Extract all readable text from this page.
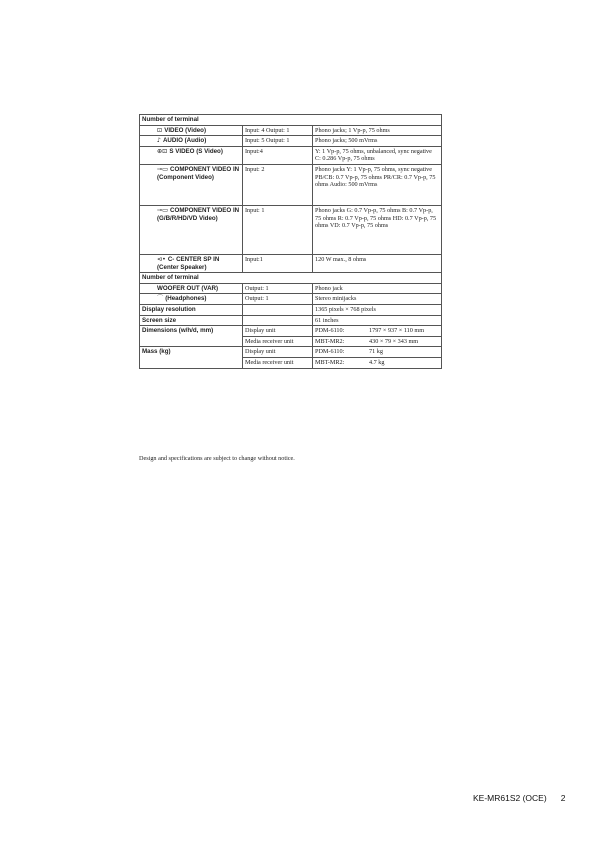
Number of terminal			
⊡ VIDEO (Video)	Input: 4 Output: 1	Phono jacks; 1 Vp-p, 75 ohms	
♪ AUDIO (Audio)	Input: 5 Output: 1	Phono jacks; 500 mVrms	
⊕⊡ S VIDEO (S Video)	Input:4	Y: 1 Vp-p, 75 ohms, unbalanced, sync negative C: 0.286 Vp-p, 75 ohms	
⊸▭ COMPONENT VIDEO IN (Component Video)	Input: 2	Phono jacks Y: 1 Vp-p, 75 ohms, sync negative PB/CB: 0.7 Vp-p, 75 ohms PR/CR: 0.7 Vp-p, 75 ohms Audio: 500 mVrms	
⊸▭ COMPONENT VIDEO IN (G/B/R/HD/VD Video)	Input: 1	Phono jacks G: 0.7 Vp-p, 75 ohms B: 0.7 Vp-p, 75 ohms R: 0.7 Vp-p, 75 ohms HD: 0.7 Vp-p, 75 ohms VD: 0.7 Vp-p, 75 ohms	
⊲• C- CENTER SP IN (Center Speaker)	Input:1	120 W max., 8 ohms	
Number of terminal			
WOOFER OUT (VAR)	Output: 1	Phono jack	
⌒ (Headphones)	Output: 1	Stereo minijacks	
Display resolution		1365 pixels × 768 pixels	
Screen size		61 inches	
Dimensions (w/h/d, mm)	Display unit	PDM-6110:	1797 × 937 × 110 mm
	Media receiver unit	MBT-MR2:	430 × 79 × 343 mm
Mass (kg)	Display unit	PDM-6110:	71 kg
	Media receiver unit	MBT-MR2:	4.7 kg
Design and specifications are subject to change without notice.
KE-MR61S2 (OCE) 2
